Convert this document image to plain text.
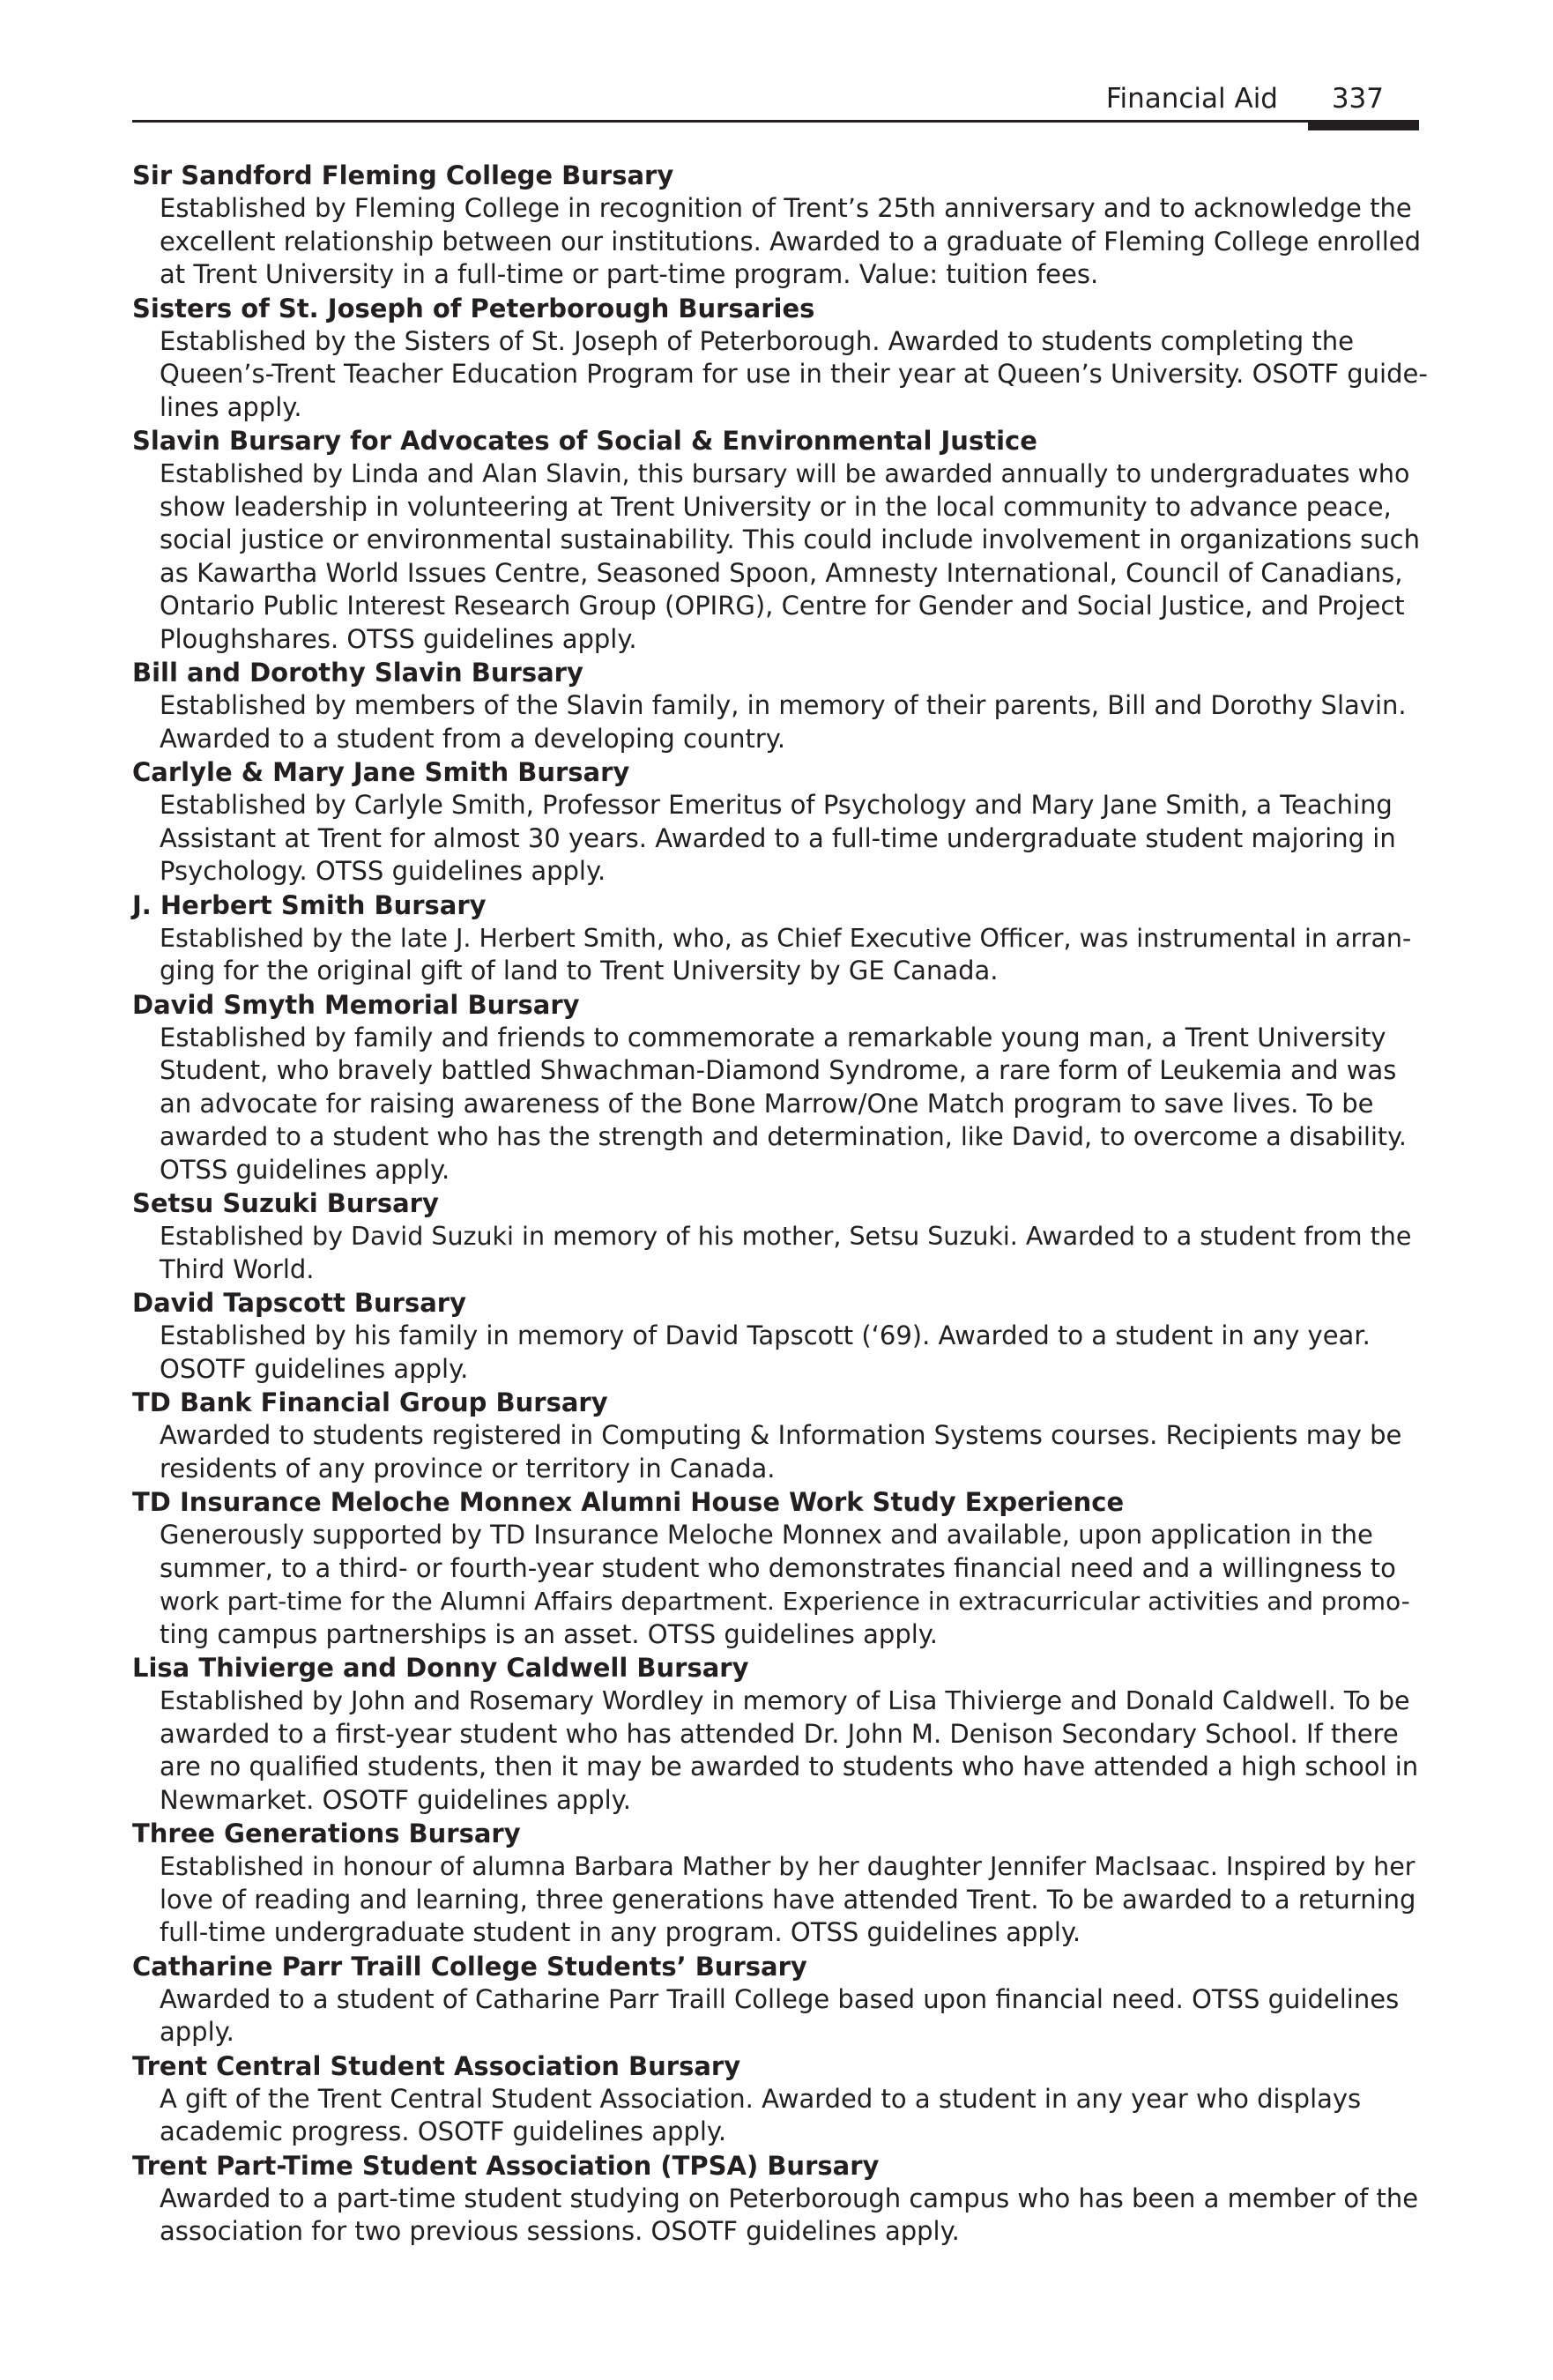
Financial Aid 337
Sir Sandford Fleming College Bursary
Established by Fleming College in recognition of Trent’s 25th anniversary and to acknowledge the
excellent relationship between our institutions. Awarded to a graduate of Fleming College enrolled
at Trent University in a full-time or part-time program. Value: tuition fees.
Sisters of St. Joseph of Peterborough Bursaries
Established by the Sisters of St. Joseph of Peterborough. Awarded to students completing the
Queen’s-Trent Teacher Education Program for use in their year at Queen’s University. OSOTF guide-
lines apply.
Slavin Bursary for Advocates of Social & Environmental Justice
Established by Linda and Alan Slavin, this bursary will be awarded annually to undergraduates who
show leadership in volunteering at Trent University or in the local community to advance peace,
social justice or environmental sustainability. This could include involvement in organizations such
as Kawartha World Issues Centre, Seasoned Spoon, Amnesty International, Council of Canadians,
Ontario Public Interest Research Group (OPIRG), Centre for Gender and Social Justice, and Project
Ploughshares. OTSS guidelines apply.
Bill and Dorothy Slavin Bursary
Established by members of the Slavin family, in memory of their parents, Bill and Dorothy Slavin.
Awarded to a student from a developing country.
Carlyle & Mary Jane Smith Bursary
Established by Carlyle Smith, Professor Emeritus of Psychology and Mary Jane Smith, a Teaching
Assistant at Trent for almost 30 years. Awarded to a full-time undergraduate student majoring in
Psychology. OTSS guidelines apply.
J. Herbert Smith Bursary
Established by the late J. Herbert Smith, who, as Chief Executive Officer, was instrumental in arran-
ging for the original gift of land to Trent University by GE Canada.
David Smyth Memorial Bursary
Established by family and friends to commemorate a remarkable young man, a Trent University
Student, who bravely battled Shwachman-Diamond Syndrome, a rare form of Leukemia and was
an advocate for raising awareness of the Bone Marrow/One Match program to save lives. To be
awarded to a student who has the strength and determination, like David, to overcome a disability.
OTSS guidelines apply.
Setsu Suzuki Bursary
Established by David Suzuki in memory of his mother, Setsu Suzuki. Awarded to a student from the
Third World.
David Tapscott Bursary
Established by his family in memory of David Tapscott (‘69). Awarded to a student in any year.
OSOTF guidelines apply.
TD Bank Financial Group Bursary
Awarded to students registered in Computing & Information Systems courses. Recipients may be
residents of any province or territory in Canada.
TD Insurance Meloche Monnex Alumni House Work Study Experience
Generously supported by TD Insurance Meloche Monnex and available, upon application in the
summer, to a third- or fourth-year student who demonstrates financial need and a willingness to
work part-time for the Alumni Affairs department. Experience in extracurricular activities and promo-
ting campus partnerships is an asset. OTSS guidelines apply.
Lisa Thivierge and Donny Caldwell Bursary
Established by John and Rosemary Wordley in memory of Lisa Thivierge and Donald Caldwell. To be
awarded to a first-year student who has attended Dr. John M. Denison Secondary School. If there
are no qualified students, then it may be awarded to students who have attended a high school in
Newmarket. OSOTF guidelines apply.
Three Generations Bursary
Established in honour of alumna Barbara Mather by her daughter Jennifer MacIsaac. Inspired by her
love of reading and learning, three generations have attended Trent. To be awarded to a returning
full-time undergraduate student in any program. OTSS guidelines apply.
Catharine Parr Traill College Students’ Bursary
Awarded to a student of Catharine Parr Traill College based upon financial need. OTSS guidelines
apply.
Trent Central Student Association Bursary
A gift of the Trent Central Student Association. Awarded to a student in any year who displays
academic progress. OSOTF guidelines apply.
Trent Part-Time Student Association (TPSA) Bursary
Awarded to a part-time student studying on Peterborough campus who has been a member of the
association for two previous sessions. OSOTF guidelines apply.
